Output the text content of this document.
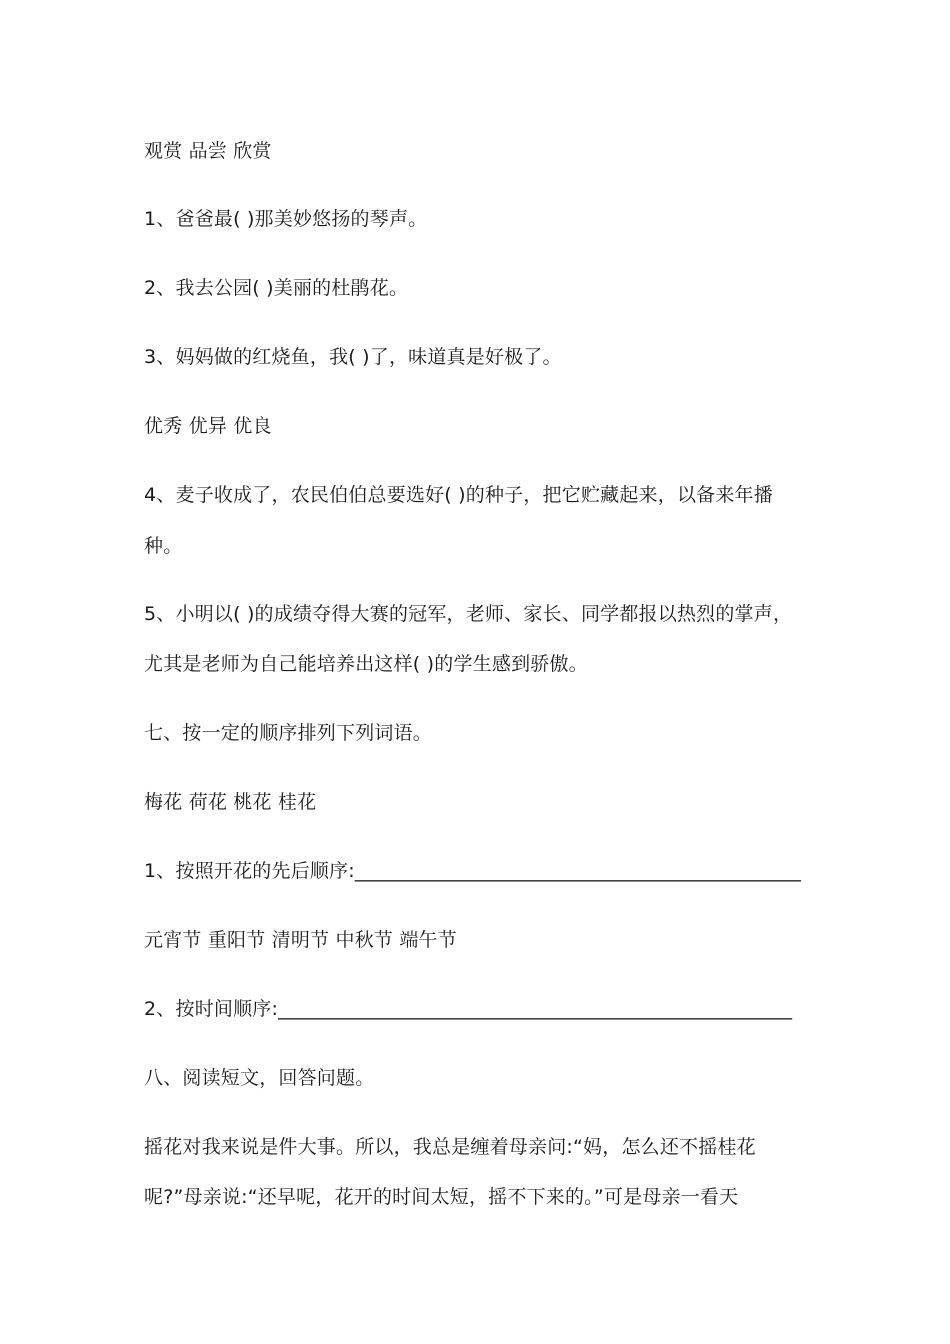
观赏 品尝 欣赏
1、爸爸最( )那美妙悠扬的琴声。
2、我去公园( )美丽的杜鹃花。
3、妈妈做的红烧鱼，我( )了，味道真是好极了。
优秀 优异 优良
4、麦子收成了，农民伯伯总要选好( )的种子，把它贮藏起来，以备来年播
种。
5、小明以( )的成绩夺得大赛的冠军，老师、家长、同学都报以热烈的掌声，
尤其是老师为自己能培养出这样( )的学生感到骄傲。
七、按一定的顺序排列下列词语。
梅花 荷花 桃花 桂花
1、按照开花的先后顺序:______________________________________________
元宵节 重阳节 清明节 中秋节 端午节
2、按时间顺序:_____________________________________________________
八、阅读短文，回答问题。
摇花对我来说是件大事。所以，我总是缠着母亲问:“妈，怎么还不摇桂花
呢?”母亲说:“还早呢，花开的时间太短，摇不下来的。”可是母亲一看天
